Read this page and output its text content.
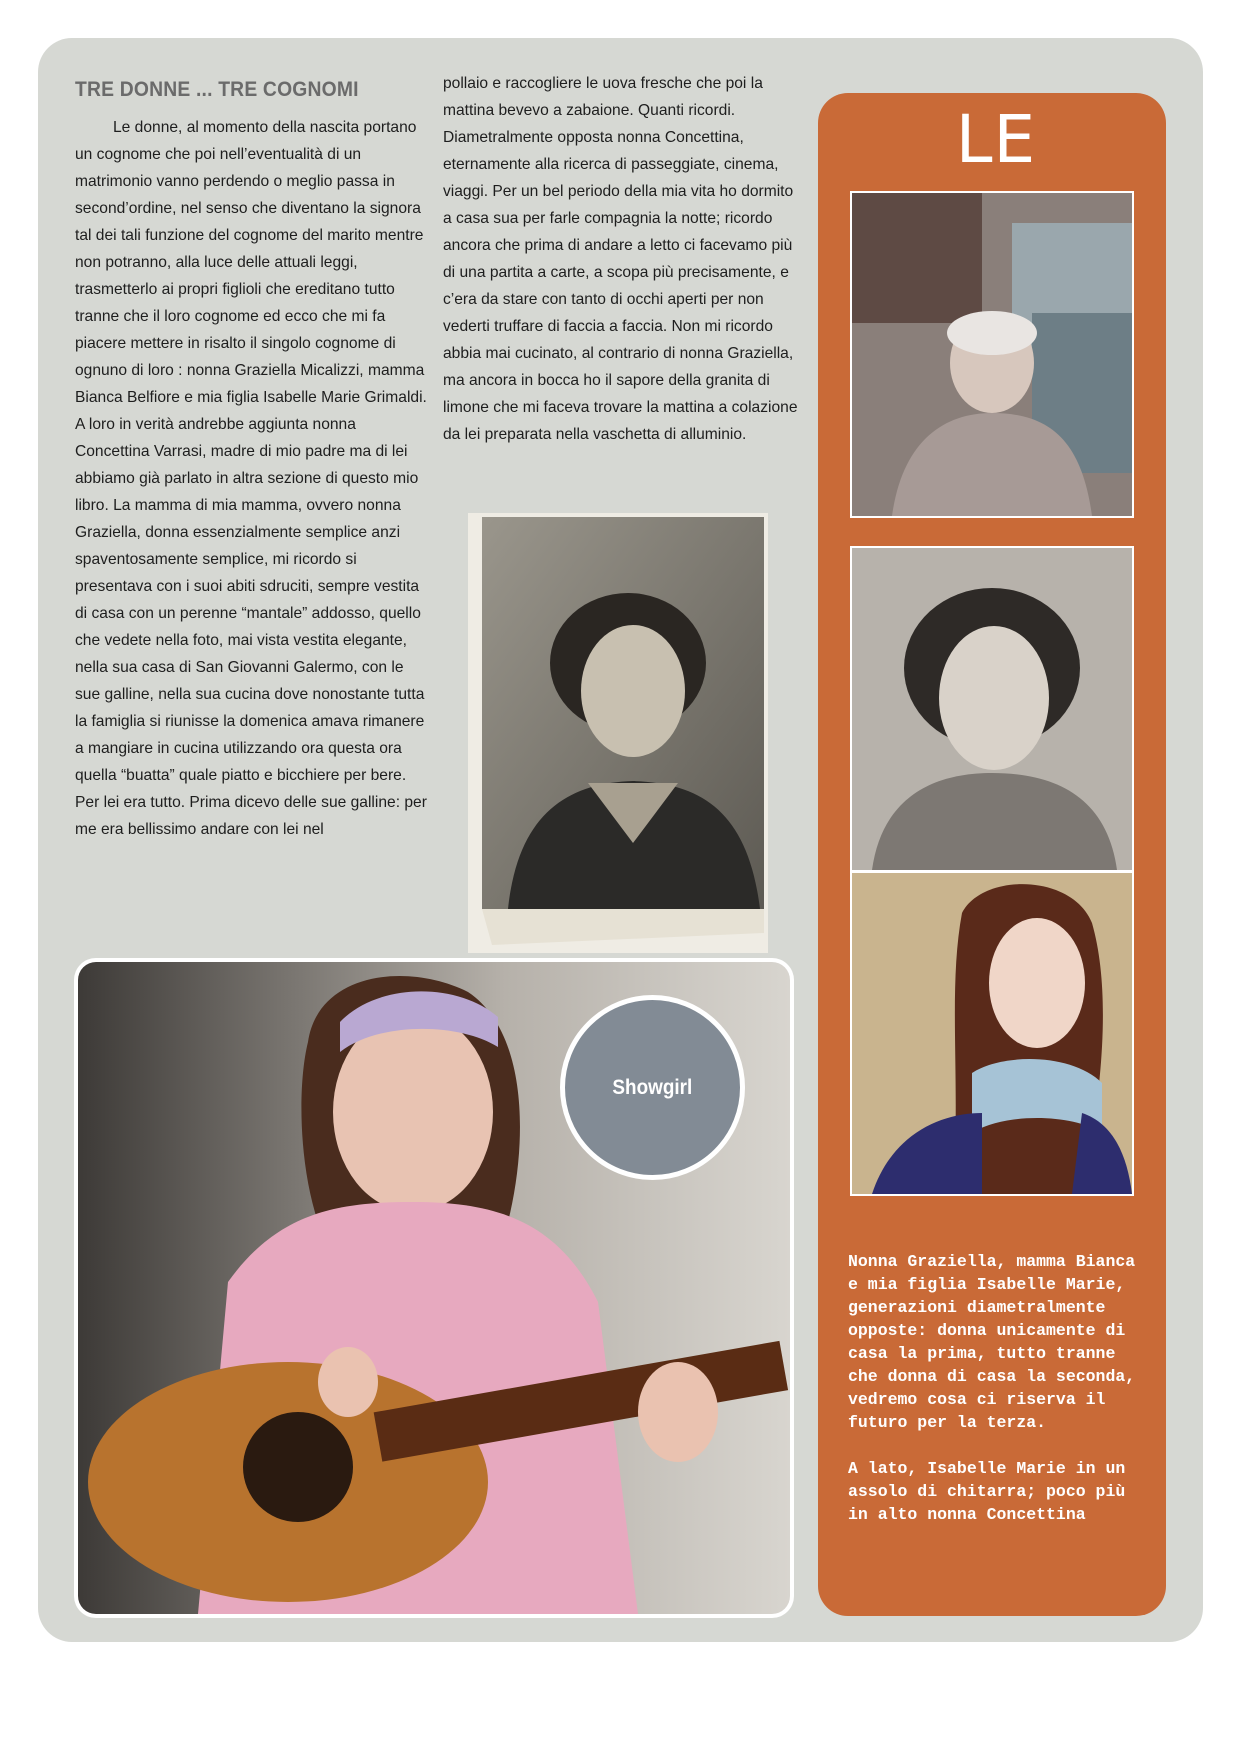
TRE DONNE ... TRE COGNOMI

Le donne, al momento della nascita portano un cognome che poi nell’eventualità di un matrimonio vanno perdendo o meglio passa in second’ordine, nel senso che diventano la signora tal dei tali funzione del cognome del marito mentre non potranno, alla luce delle attuali leggi, trasmetterlo ai propri figlioli che ereditano tutto tranne che il loro cognome ed ecco che mi fa piacere mettere in risalto il singolo cognome di ognuno di loro : nonna Graziella Micalizzi, mamma Bianca Belfiore e mia figlia Isabelle Marie Grimaldi. A loro in verità andrebbe aggiunta nonna Concettina Varrasi, madre di mio padre ma di lei abbiamo già parlato in altra sezione di questo mio libro. La mamma di mia mamma, ovvero nonna Graziella, donna essenzialmente semplice anzi spaventosamente semplice, mi ricordo si presentava con i suoi abiti sdruciti, sempre vestita di casa con un perenne “mantale” addosso, quello che vedete nella foto, mai vista vestita elegante, nella sua casa di San Giovanni Galermo, con le sue galline, nella sua cucina dove nonostante tutta la famiglia si riunisse la domenica amava rimanere a mangiare in cucina utilizzando ora questa ora quella “buatta” quale piatto e bicchiere per bere. Per lei era tutto. Prima dicevo delle sue galline: per me era bellissimo andare con lei nel

pollaio e raccogliere le uova fresche che poi la mattina bevevo a zabaione. Quanti ricordi. Diametralmente opposta nonna Concettina, eternamente alla ricerca di passeggiate, cinema, viaggi. Per un bel periodo della mia vita ho dormito a casa sua per farle compagnia la notte; ricordo ancora che prima di andare a letto ci facevamo più di una partita a carte, a scopa più precisamente, e c’era da stare con tanto di occhi aperti per non vederti truffare di faccia a faccia. Non mi ricordo abbia mai cucinato, al contrario di nonna Graziella, ma ancora in bocca ho il sapore della granita di limone che mi faceva trovare la mattina a colazione da lei preparata nella vaschetta di alluminio.

Showgirl
LE

Nonna Graziella, mamma Bianca e mia figlia Isabelle Marie, generazioni diametralmente opposte: donna unicamente di casa la prima, tutto tranne che donna di casa la seconda, vedremo cosa ci riserva il futuro per la terza.

A lato, Isabelle Marie in un assolo di chitarra; poco più in alto nonna Concettina
